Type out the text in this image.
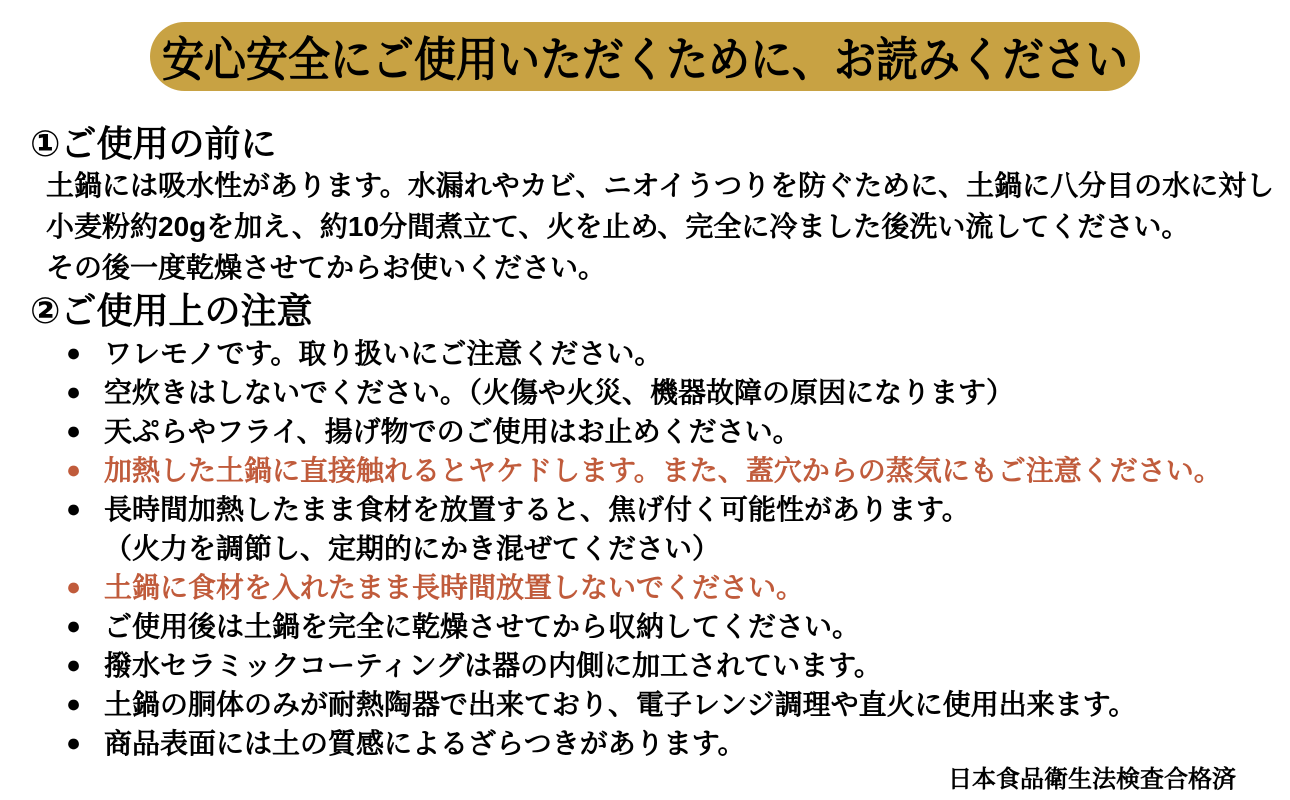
安心安全にご使用いただくために、お読みください
①ご使用の前に
土鍋には吸水性があります。水漏れやカビ、ニオイうつりを防ぐために、土鍋に八分目の水に対し
小麦粉約20gを加え、約10分間煮立て、火を止め、完全に冷ました後洗い流してください。
その後一度乾燥させてからお使いください。
②ご使用上の注意
● ワレモノです。取り扱いにご注意ください。
● 空炊きはしないでください。（火傷や火災、機器故障の原因になります）
● 天ぷらやフライ、揚げ物でのご使用はお止めください。
● 加熱した土鍋に直接触れるとヤケドします。また、蓋穴からの蒸気にもご注意ください。
● 長時間加熱したまま食材を放置すると、焦げ付く可能性があります。
（火力を調節し、定期的にかき混ぜてください）
● 土鍋に食材を入れたまま長時間放置しないでください。
● ご使用後は土鍋を完全に乾燥させてから収納してください。
● 撥水セラミックコーティングは器の内側に加工されています。
● 土鍋の胴体のみが耐熱陶器で出来ており、電子レンジ調理や直火に使用出来ます。
● 商品表面には土の質感によるざらつきがあります。
日本食品衛生法検査合格済
